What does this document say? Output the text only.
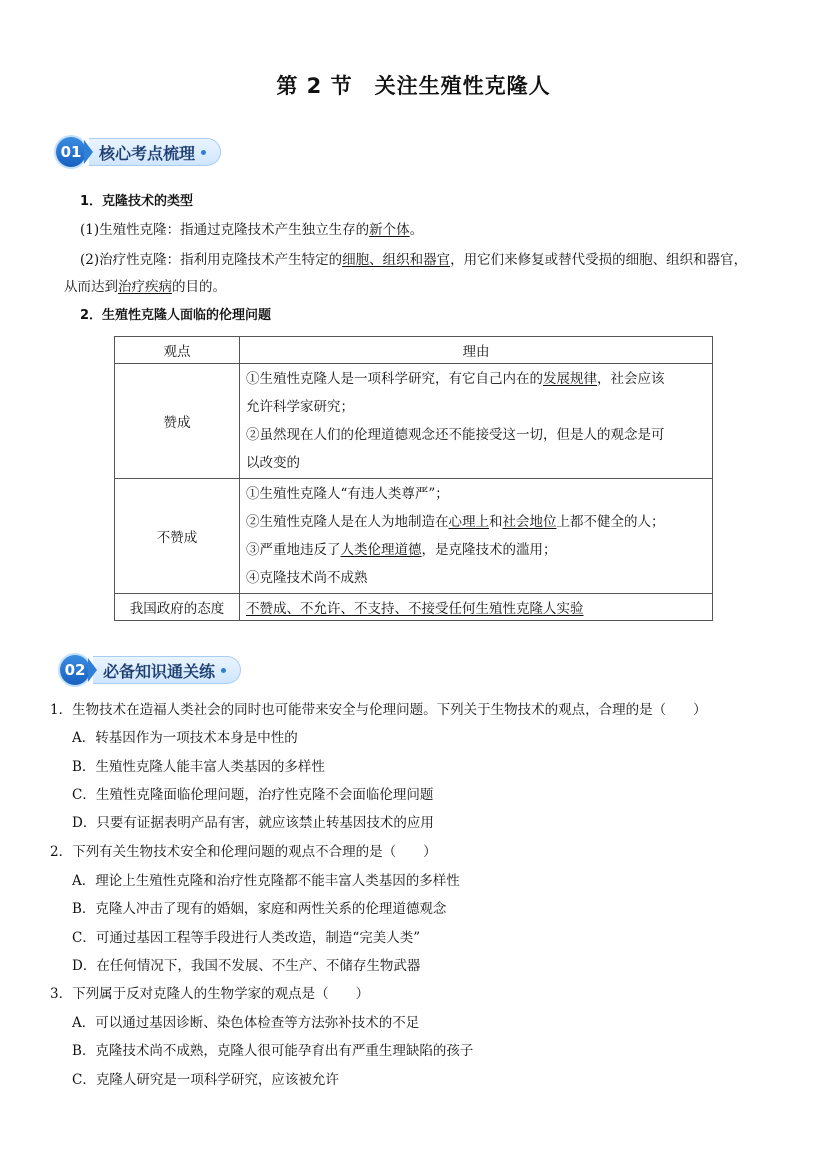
第 2 节 关注生殖性克隆人
01 核心考点梳理
1．克隆技术的类型
(1)生殖性克隆：指通过克隆技术产生独立生存的新个体。
(2)治疗性克隆：指利用克隆技术产生特定的细胞、组织和器官，用它们来修复或替代受损的细胞、组织和器官，
从而达到治疗疾病的目的。
2．生殖性克隆人面临的伦理问题
观点	理由
赞成	①生殖性克隆人是一项科学研究，有它自己内在的发展规律，社会应该
允许科学家研究；
②虽然现在人们的伦理道德观念还不能接受这一切，但是人的观念是可
以改变的

不赞成	①生殖性克隆人“有违人类尊严”；
②生殖性克隆人是在人为地制造在心理上和社会地位上都不健全的人；
③严重地违反了人类伦理道德，是克隆技术的滥用；
④克隆技术尚不成熟

我国政府的态度	不赞成、不允许、不支持、不接受任何生殖性克隆人实验
02 必备知识通关练
1．生物技术在造福人类社会的同时也可能带来安全与伦理问题。下列关于生物技术的观点，合理的是（　　）
A．转基因作为一项技术本身是中性的
B．生殖性克隆人能丰富人类基因的多样性
C．生殖性克隆面临伦理问题，治疗性克隆不会面临伦理问题
D．只要有证据表明产品有害，就应该禁止转基因技术的应用
2．下列有关生物技术安全和伦理问题的观点不合理的是（　　）
A．理论上生殖性克隆和治疗性克隆都不能丰富人类基因的多样性
B．克隆人冲击了现有的婚姻，家庭和两性关系的伦理道德观念
C．可通过基因工程等手段进行人类改造，制造“完美人类”
D．在任何情况下，我国不发展、不生产、不储存生物武器
3．下列属于反对克隆人的生物学家的观点是（　　）
A．可以通过基因诊断、染色体检查等方法弥补技术的不足
B．克隆技术尚不成熟，克隆人很可能孕育出有严重生理缺陷的孩子
C．克隆人研究是一项科学研究，应该被允许
